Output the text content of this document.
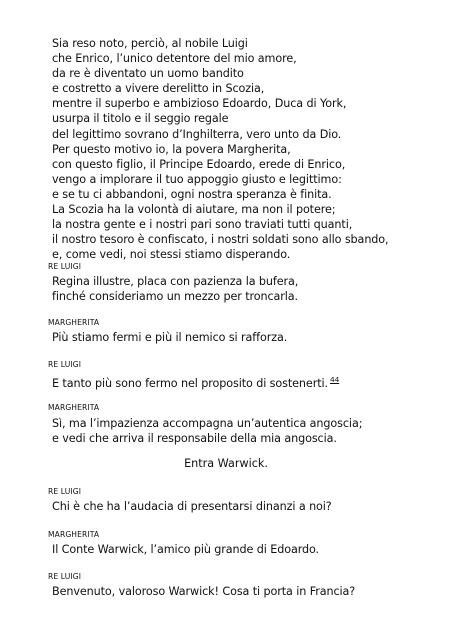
Sia reso noto, perciò, al nobile Luigi
che Enrico, l’unico detentore del mio amore,
da re è diventato un uomo bandito
e costretto a vivere derelitto in Scozia,
mentre il superbo e ambizioso Edoardo, Duca di York,
usurpa il titolo e il seggio regale
del legittimo sovrano d’Inghilterra, vero unto da Dio.
Per questo motivo io, la povera Margherita,
con questo figlio, il Principe Edoardo, erede di Enrico,
vengo a implorare il tuo appoggio giusto e legittimo:
e se tu ci abbandoni, ogni nostra speranza è finita.
La Scozia ha la volontà di aiutare, ma non il potere;
la nostra gente e i nostri pari sono traviati tutti quanti,
il nostro tesoro è confiscato, i nostri soldati sono allo sbando,
e, come vedi, noi stessi stiamo disperando.
RE LUIGI
Regina illustre, placa con pazienza la bufera,
finché consideriamo un mezzo per troncarla.
MARGHERITA
Più stiamo fermi e più il nemico si rafforza.
RE LUIGI
E tanto più sono fermo nel proposito di sostenerti. $^{44}$
MARGHERITA
Sì, ma l’impazienza accompagna un’autentica angoscia;
e vedi che arriva il responsabile della mia angoscia.
Entra Warwick.
RE LUIGI
Chi è che ha l’audacia di presentarsi dinanzi a noi?
MARGHERITA
Il Conte Warwick, l’amico più grande di Edoardo.
RE LUIGI
Benvenuto, valoroso Warwick! Cosa ti porta in Francia?
